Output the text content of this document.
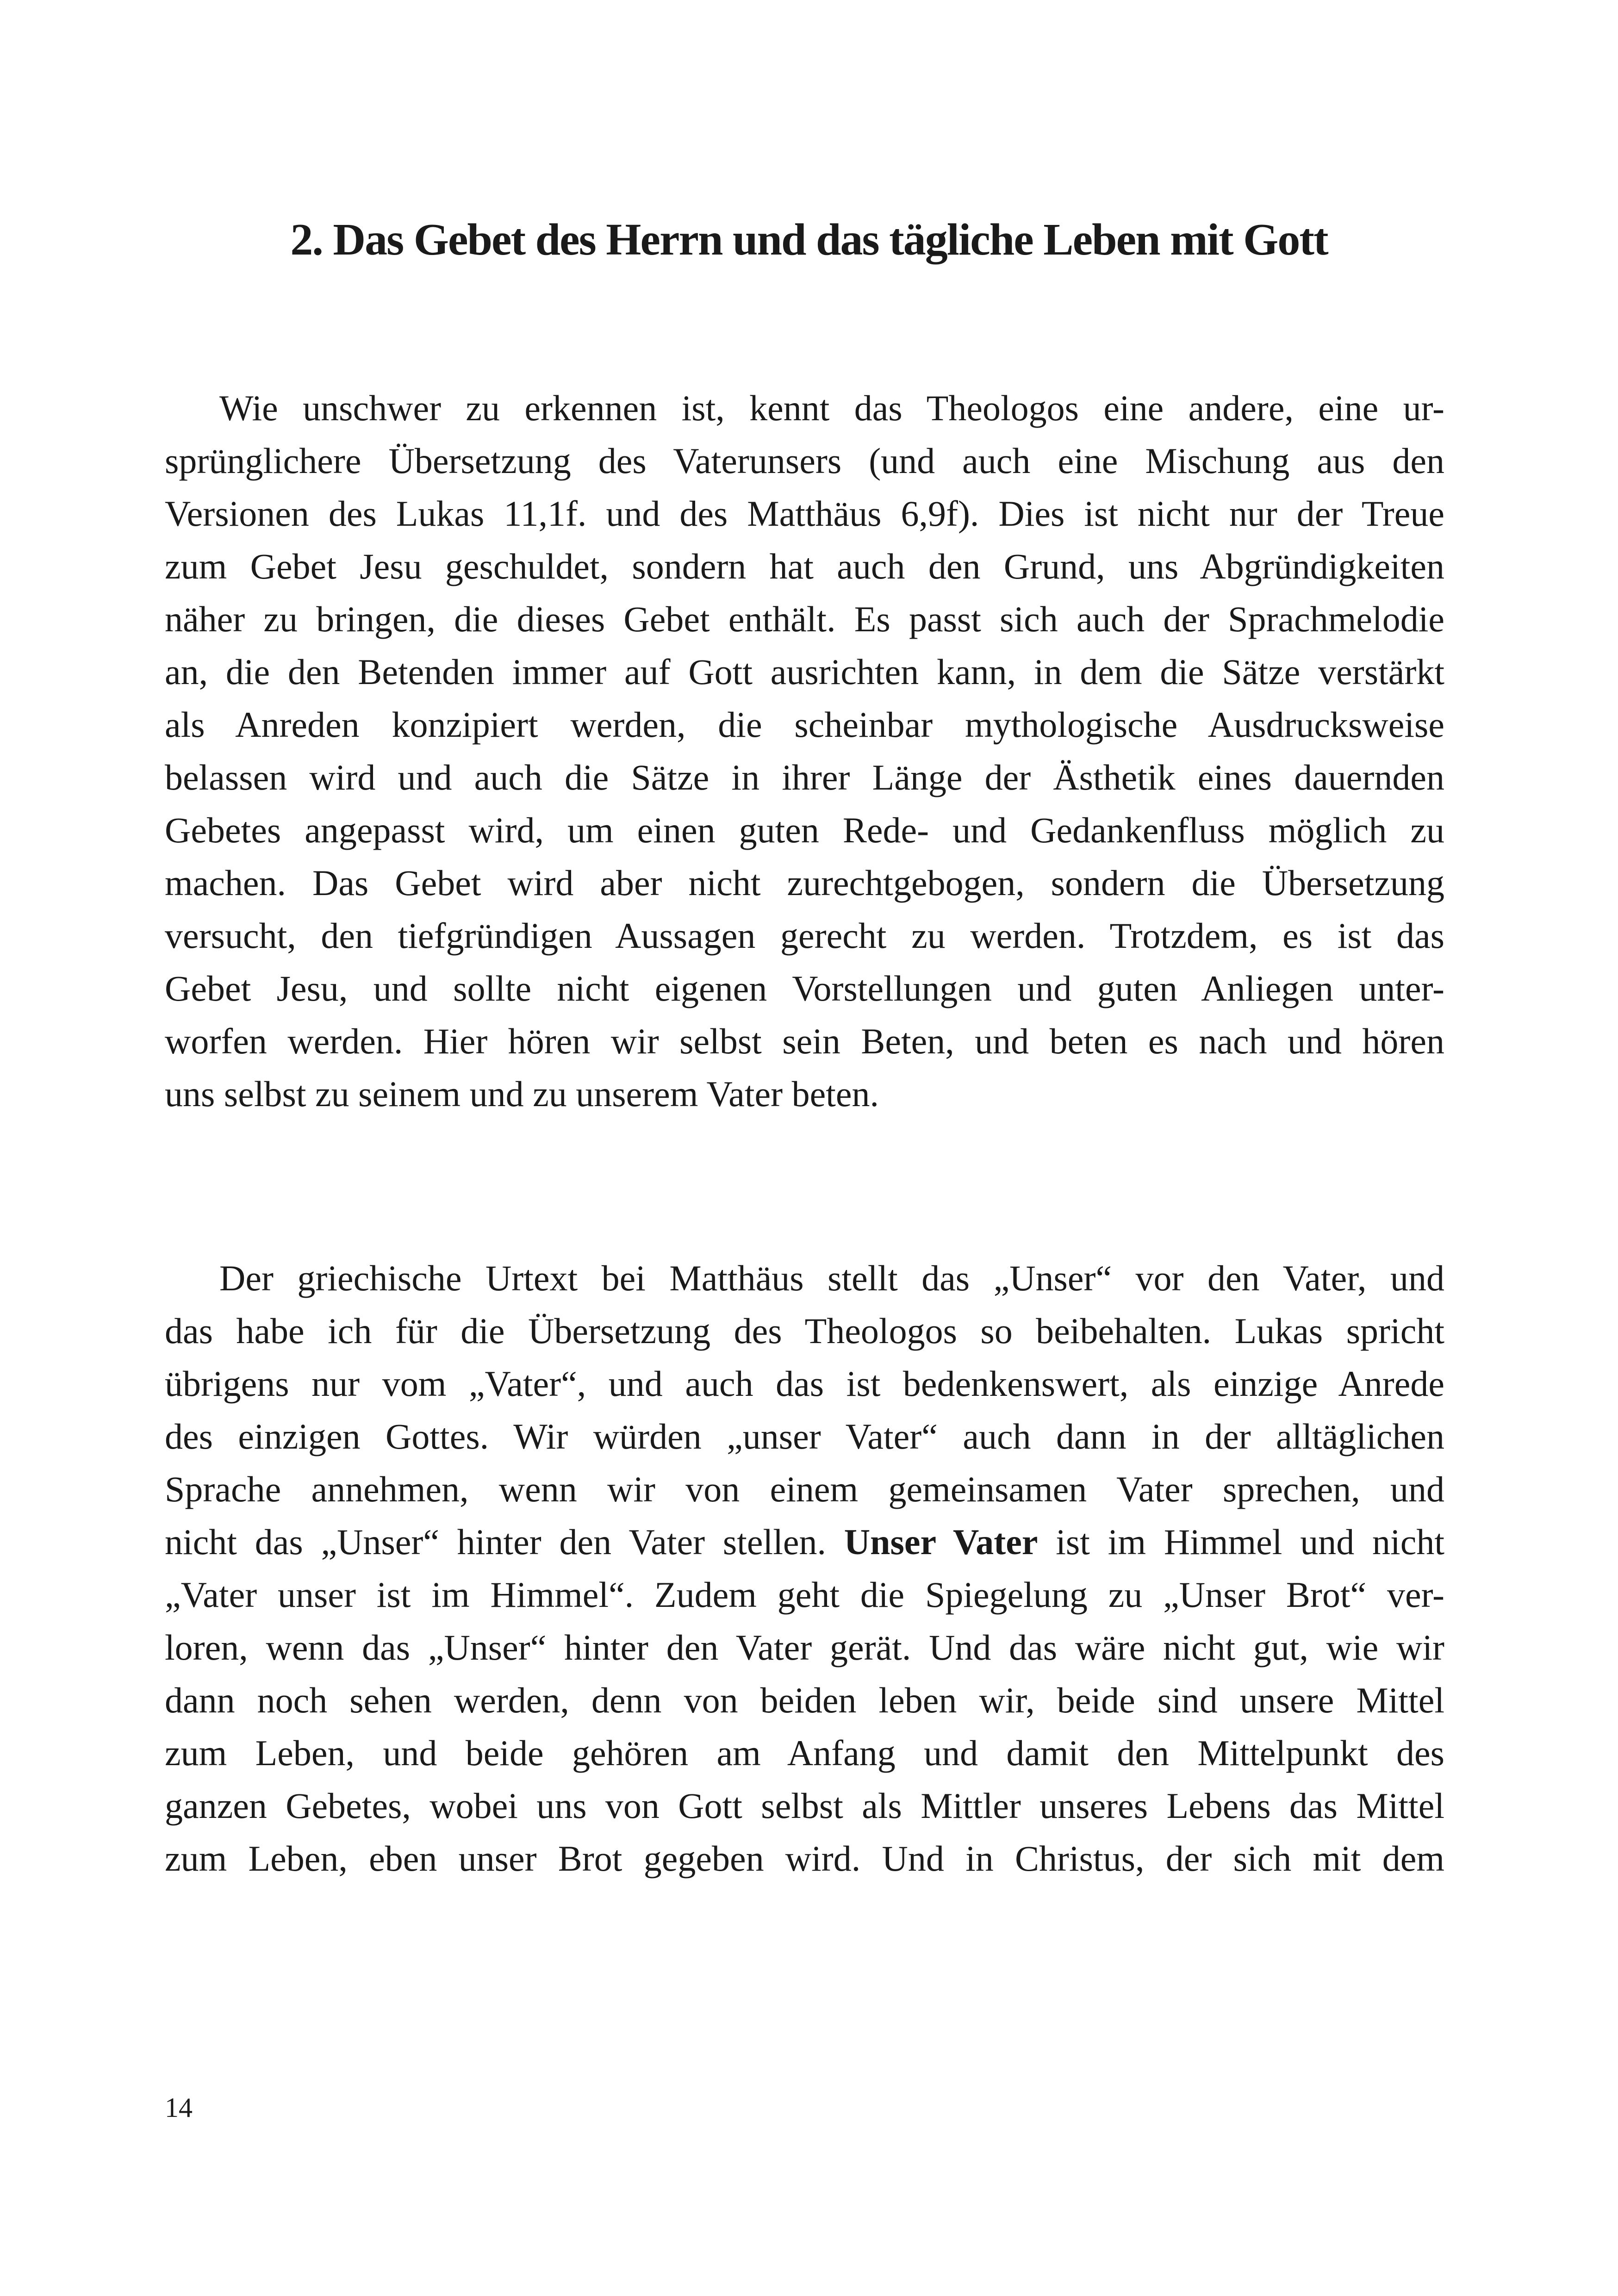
2. Das Gebet des Herrn und das tägliche Leben mit Gott
Wie unschwer zu erkennen ist, kennt das Theologos eine andere, eine ur-
sprünglichere Übersetzung des Vaterunsers (und auch eine Mischung aus den
Versionen des Lukas 11,1f. und des Matthäus 6,9f). Dies ist nicht nur der Treue
zum Gebet Jesu geschuldet, sondern hat auch den Grund, uns Abgründigkeiten
näher zu bringen, die dieses Gebet enthält. Es passt sich auch der Sprachmelodie
an, die den Betenden immer auf Gott ausrichten kann, in dem die Sätze verstärkt
als Anreden konzipiert werden, die scheinbar mythologische Ausdrucksweise
belassen wird und auch die Sätze in ihrer Länge der Ästhetik eines dauernden
Gebetes angepasst wird, um einen guten Rede- und Gedankenfluss möglich zu
machen. Das Gebet wird aber nicht zurechtgebogen, sondern die Übersetzung
versucht, den tiefgründigen Aussagen gerecht zu werden. Trotzdem, es ist das
Gebet Jesu, und sollte nicht eigenen Vorstellungen und guten Anliegen unter-
worfen werden. Hier hören wir selbst sein Beten, und beten es nach und hören
uns selbst zu seinem und zu unserem Vater beten.
Der griechische Urtext bei Matthäus stellt das „Unser“ vor den Vater, und
das habe ich für die Übersetzung des Theologos so beibehalten. Lukas spricht
übrigens nur vom „Vater“, und auch das ist bedenkenswert, als einzige Anrede
des einzigen Gottes. Wir würden „unser Vater“ auch dann in der alltäglichen
Sprache annehmen, wenn wir von einem gemeinsamen Vater sprechen, und
nicht das „Unser“ hinter den Vater stellen. Unser Vater ist im Himmel und nicht
„Vater unser ist im Himmel“. Zudem geht die Spiegelung zu „Unser Brot“ ver-
loren, wenn das „Unser“ hinter den Vater gerät. Und das wäre nicht gut, wie wir
dann noch sehen werden, denn von beiden leben wir, beide sind unsere Mittel
zum Leben, und beide gehören am Anfang und damit den Mittelpunkt des
ganzen Gebetes, wobei uns von Gott selbst als Mittler unseres Lebens das Mittel
zum Leben, eben unser Brot gegeben wird. Und in Christus, der sich mit dem
14
